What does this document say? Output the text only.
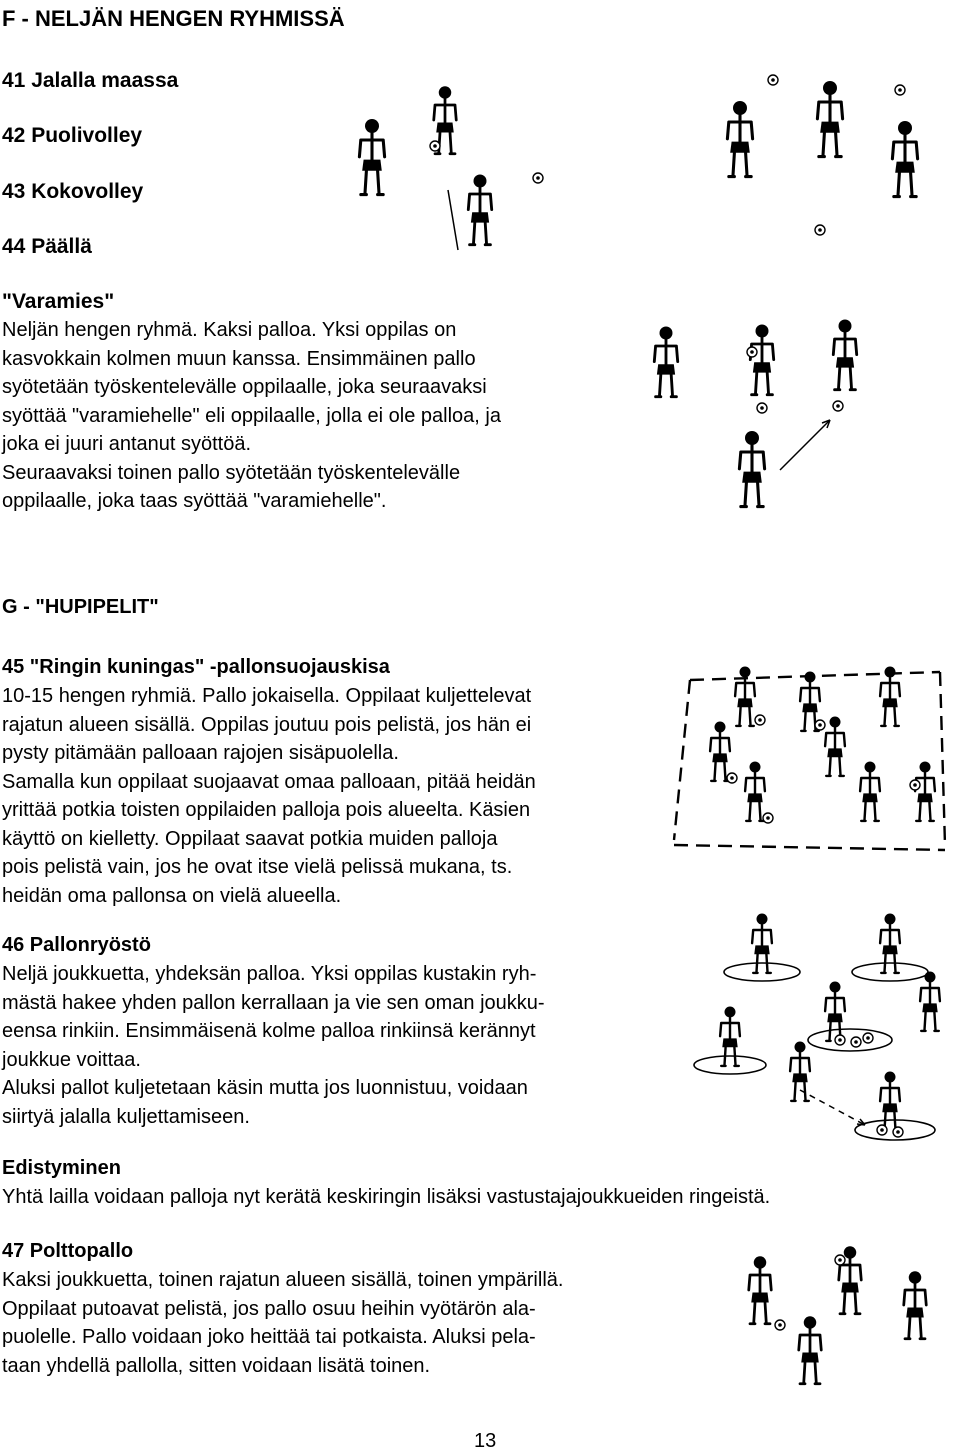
F - NELJÄN HENGEN RYHMISSÄ
41 Jalalla maassa
42 Puolivolley
43 Kokovolley
44 Päällä
"Varamies"
Neljän hengen ryhmä. Kaksi palloa. Yksi oppilas on
kasvokkain kolmen muun kanssa. Ensimmäinen pallo
syötetään työskentelevälle oppilaalle, joka seuraavaksi
syöttää "varamiehelle" eli oppilaalle, jolla ei ole palloa, ja
joka ei juuri antanut syöttöä.
Seuraavaksi toinen pallo syötetään työskentelevälle
oppilaalle, joka taas syöttää "varamiehelle".
G - "HUPIPELIT"
45 "Ringin kuningas" -pallonsuojauskisa
10-15 hengen ryhmiä. Pallo jokaisella. Oppilaat kuljettelevat
rajatun alueen sisällä. Oppilas joutuu pois pelistä, jos hän ei
pysty pitämään palloaan rajojen sisäpuolella.
Samalla kun oppilaat suojaavat omaa palloaan, pitää heidän
yrittää potkia toisten oppilaiden palloja pois alueelta. Käsien
käyttö on kielletty. Oppilaat saavat potkia muiden palloja
pois pelistä vain, jos he ovat itse vielä pelissä mukana, ts.
heidän oma pallonsa on vielä alueella.
46 Pallonryöstö
Neljä joukkuetta, yhdeksän palloa. Yksi oppilas kustakin ryh-
mästä hakee yhden pallon kerrallaan ja vie sen oman joukku-
eensa rinkiin. Ensimmäisenä kolme palloa rinkiinsä kerännyt
joukkue voittaa.
Aluksi pallot kuljetetaan käsin mutta jos luonnistuu, voidaan
siirtyä jalalla kuljettamiseen.
Edistyminen
Yhtä lailla voidaan palloja nyt kerätä keskiringin lisäksi vastustajajoukkueiden ringeistä.
47 Polttopallo
Kaksi joukkuetta, toinen rajatun alueen sisällä, toinen ympärillä.
Oppilaat putoavat pelistä, jos pallo osuu heihin vyötärön ala-
puolelle. Pallo voidaan joko heittää tai potkaista. Aluksi pela-
taan yhdellä pallolla, sitten voidaan lisätä toinen.
13
